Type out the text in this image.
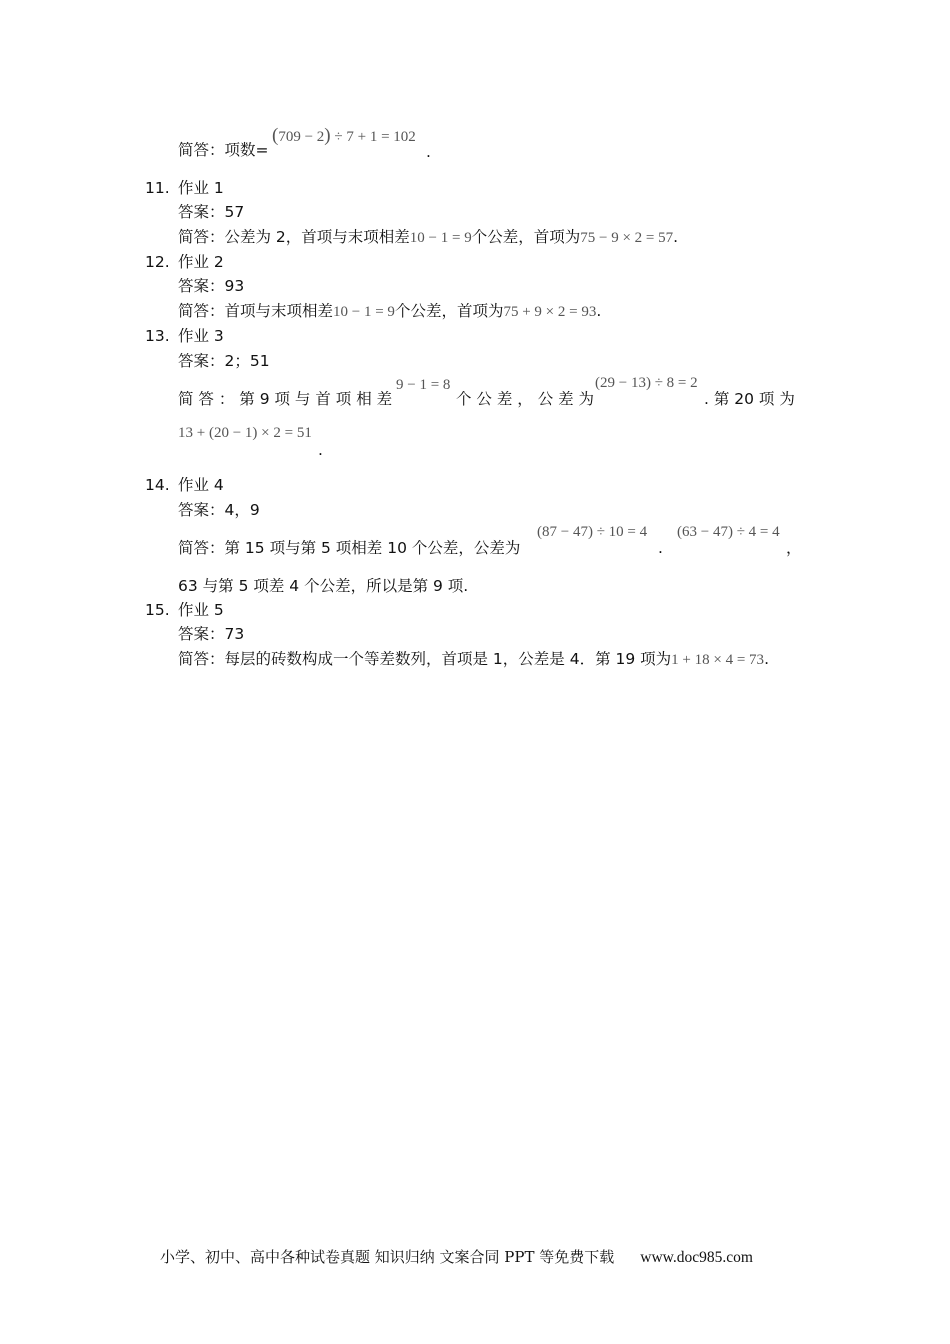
简答：项数=
(709 − 2) ÷ 7 + 1 = 102
.
11. 作业 1
答案：57
简答：公差为 2，首项与末项相差10 − 1 = 9个公差，首项为75 − 9 × 2 = 57.
12. 作业 2
答案：93
简答：首项与末项相差10 − 1 = 9个公差，首项为75 + 9 × 2 = 93.
13. 作业 3
答案：2；51
简 答 ： 第 9 项 与 首 项 相 差
9 − 1 = 8
个 公 差 ， 公 差 为
(29 − 13) ÷ 8 = 2
. 第 20 项 为
13 + (20 − 1) × 2 = 51
.
14. 作业 4
答案：4，9
简答：第 15 项与第 5 项相差 10 个公差，公差为
(87 − 47) ÷ 10 = 4
.
(63 − 47) ÷ 4 = 4
，
63 与第 5 项差 4 个公差，所以是第 9 项.
15. 作业 5
答案：73
简答：每层的砖数构成一个等差数列，首项是 1，公差是 4．第 19 项为1 + 18 × 4 = 73.
小学、初中、高中各种试卷真题 知识归纳 文案合同 PPT 等免费下载 www.doc985.com
